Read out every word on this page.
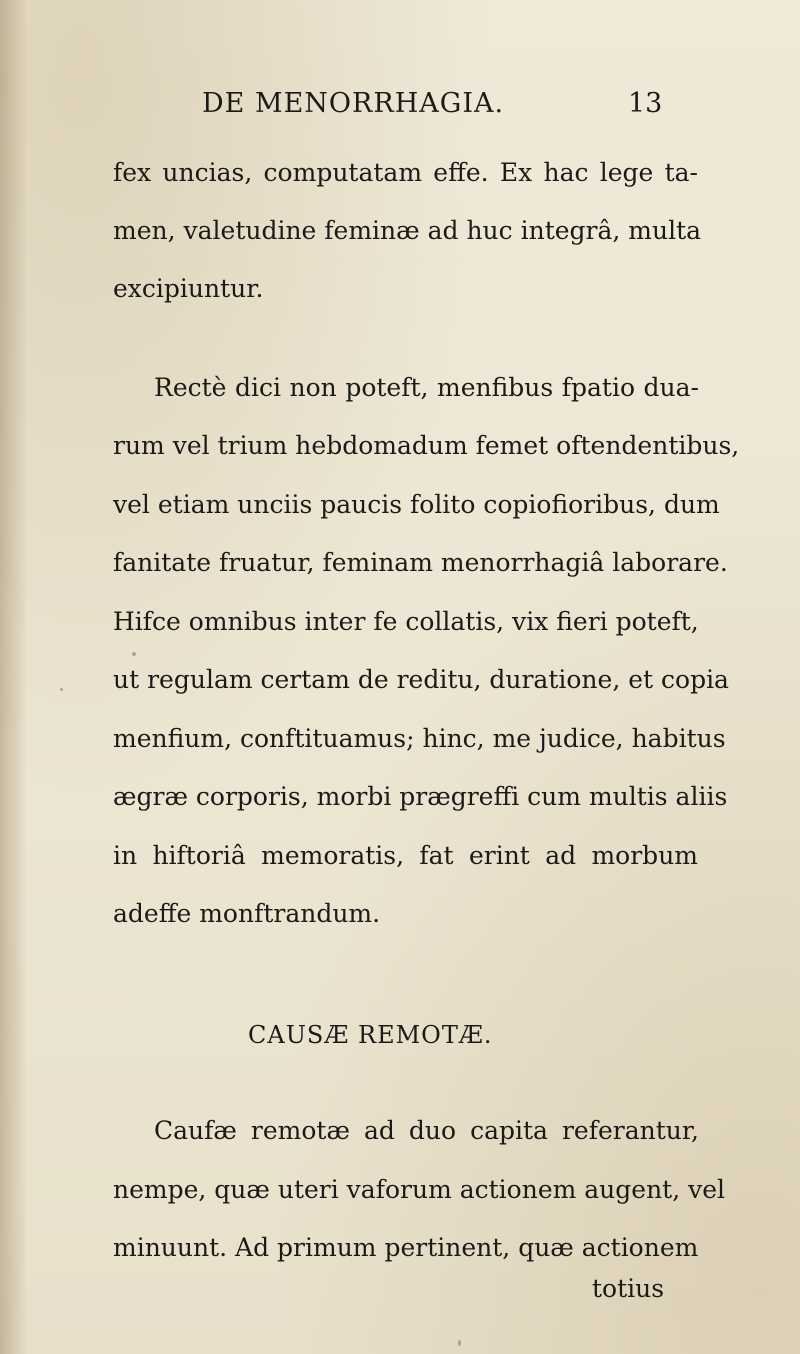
DE MENORRHAGIA.	13
fex uncias, computatam effe. Ex hac lege ta-
men, valetudine feminæ ad huc integrâ, multa
excipiuntur.
Rectè dici non poteft, menfibus fpatio dua-
rum vel trium hebdomadum femet oftendentibus,
vel etiam unciis paucis folito copiofioribus, dum
fanitate fruatur, feminam menorrhagiâ laborare.
Hifce omnibus inter fe collatis, vix fieri poteft,
ut regulam certam de reditu, duratione, et copia
menfium, conftituamus; hinc, me judice, habitus
ægræ corporis, morbi prægreffi cum multis aliis
in hiftoriâ memoratis, fat erint ad morbum
adeffe monftrandum.
CAUSÆ REMOTÆ.
Caufæ remotæ ad duo capita referantur,
nempe, quæ uteri vaforum actionem augent, vel
minuunt. Ad primum pertinent, quæ actionem
totius
